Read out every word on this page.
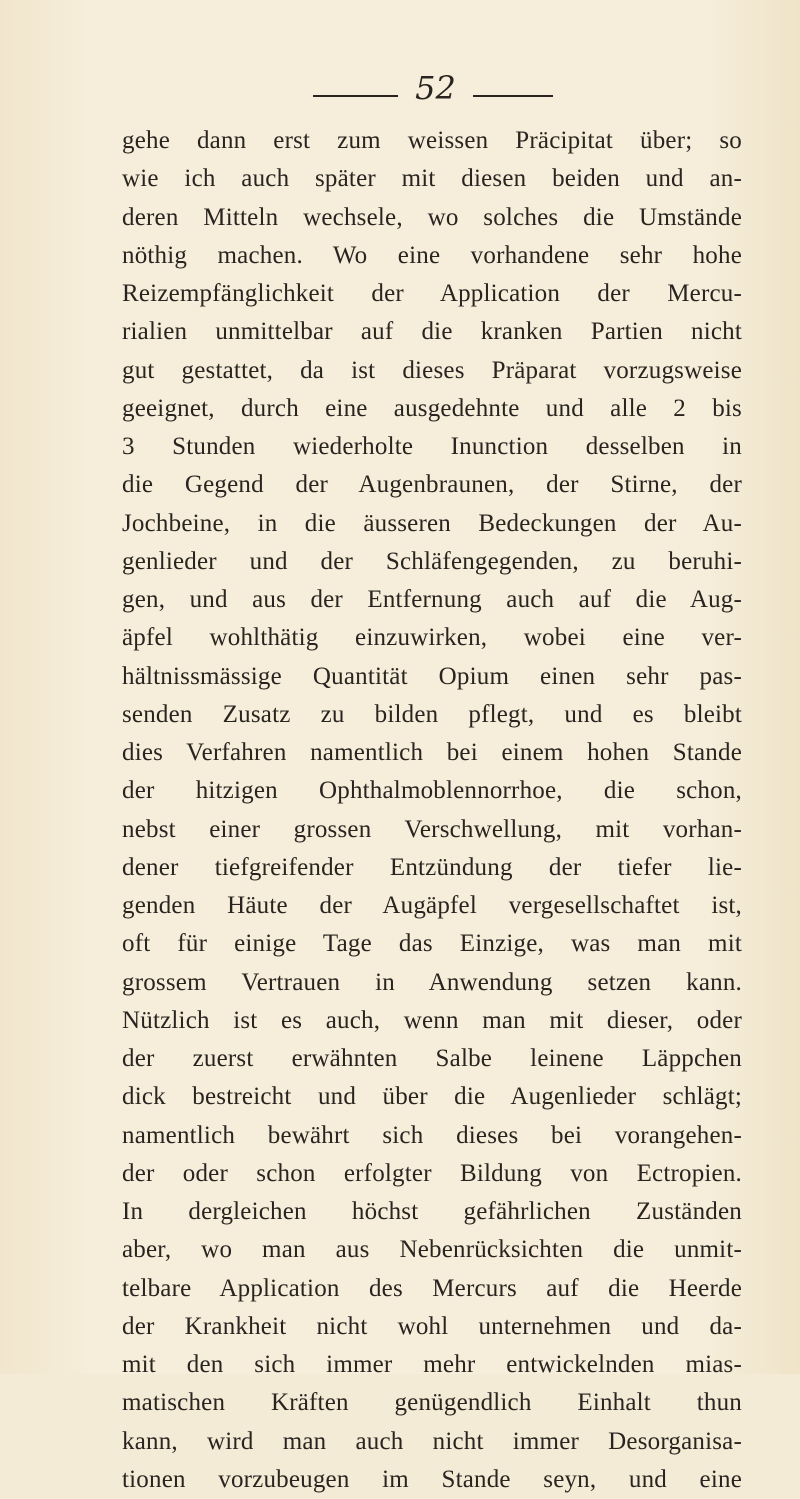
52
gehe dann erst zum weissen Präcipitat über; so
wie ich auch später mit diesen beiden und an-
deren Mitteln wechsele, wo solches die Umstände
nöthig machen. Wo eine vorhandene sehr hohe
Reizempfänglichkeit der Application der Mercu-
rialien unmittelbar auf die kranken Partien nicht
gut gestattet, da ist dieses Präparat vorzugsweise
geeignet, durch eine ausgedehnte und alle 2 bis
3 Stunden wiederholte Inunction desselben in
die Gegend der Augenbraunen, der Stirne, der
Jochbeine, in die äusseren Bedeckungen der Au-
genlieder und der Schläfengegenden, zu beruhi-
gen, und aus der Entfernung auch auf die Aug-
äpfel wohlthätig einzuwirken, wobei eine ver-
hältnissmässige Quantität Opium einen sehr pas-
senden Zusatz zu bilden pflegt, und es bleibt
dies Verfahren namentlich bei einem hohen Stande
der hitzigen Ophthalmoblennorrhoe, die schon,
nebst einer grossen Verschwellung, mit vorhan-
dener tiefgreifender Entzündung der tiefer lie-
genden Häute der Augäpfel vergesellschaftet ist,
oft für einige Tage das Einzige, was man mit
grossem Vertrauen in Anwendung setzen kann.
Nützlich ist es auch, wenn man mit dieser, oder
der zuerst erwähnten Salbe leinene Läppchen
dick bestreicht und über die Augenlieder schlägt;
namentlich bewährt sich dieses bei vorangehen-
der oder schon erfolgter Bildung von Ectropien.
In dergleichen höchst gefährlichen Zuständen
aber, wo man aus Nebenrücksichten die unmit-
telbare Application des Mercurs auf die Heerde
der Krankheit nicht wohl unternehmen und da-
mit den sich immer mehr entwickelnden mias-
matischen Kräften genügendlich Einhalt thun
kann, wird man auch nicht immer Desorganisa-
tionen vorzubeugen im Stande seyn, und eine
